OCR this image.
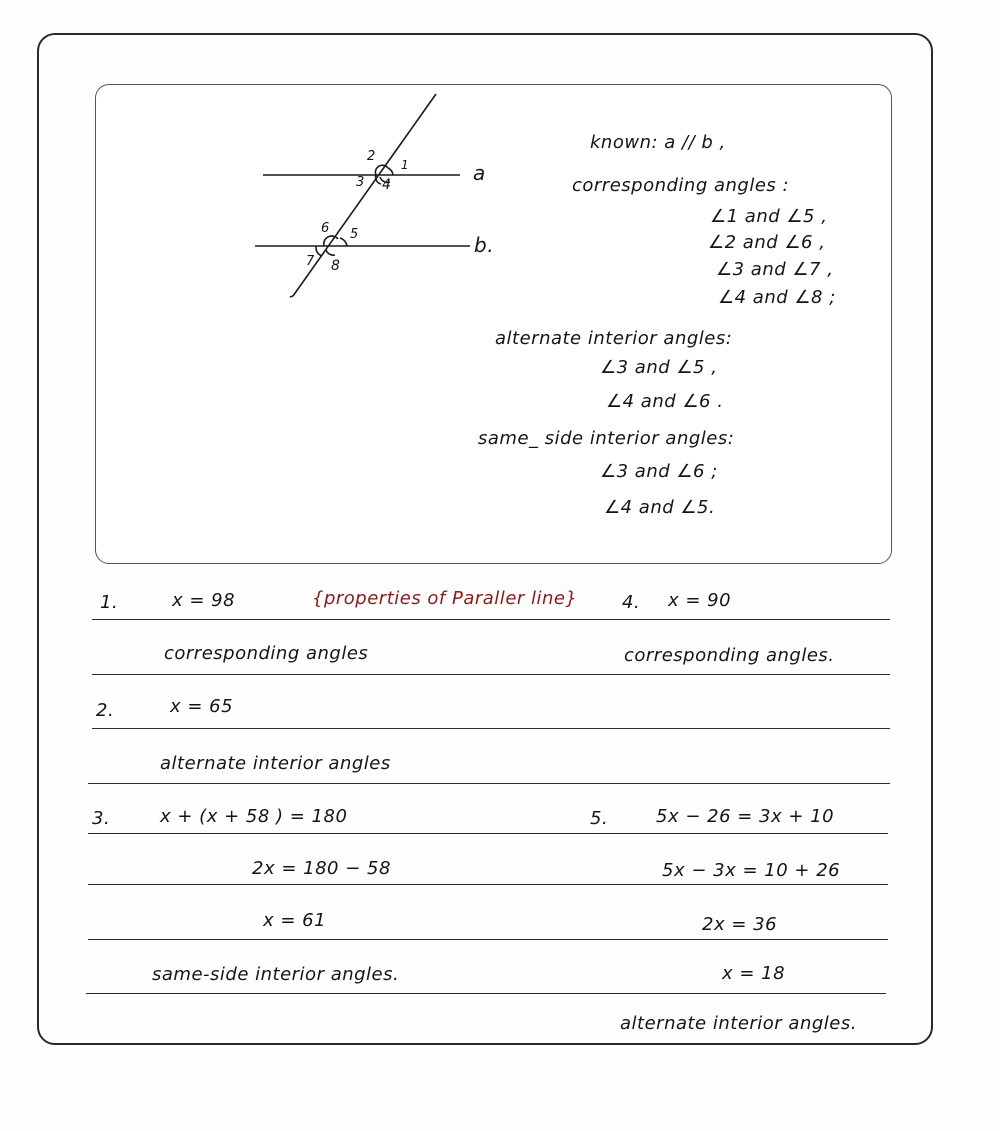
2
1
3 4
6 5
7 8
a
b.
known: a // b ,
corresponding angles :
∠1 and ∠5 ,
∠2 and ∠6 ,
∠3 and ∠7 ,
∠4 and ∠8 ;
alternate interior angles:
∠3 and ∠5 ,
∠4 and ∠6 .
same_ side interior angles:
∠3 and ∠6 ;
∠4 and ∠5.
1.	x = 98	{properties of Paraller line} 4. x = 90
corresponding angles	corresponding angles.
2.	x = 65
alternate interior angles
3.	x + (x + 58 ) = 180
2x = 180 − 58
x = 61
same-side interior angles.
5.	5x − 26 = 3x + 10
5x − 3x = 10 + 26
2x = 36
x = 18
alternate interior angles.
